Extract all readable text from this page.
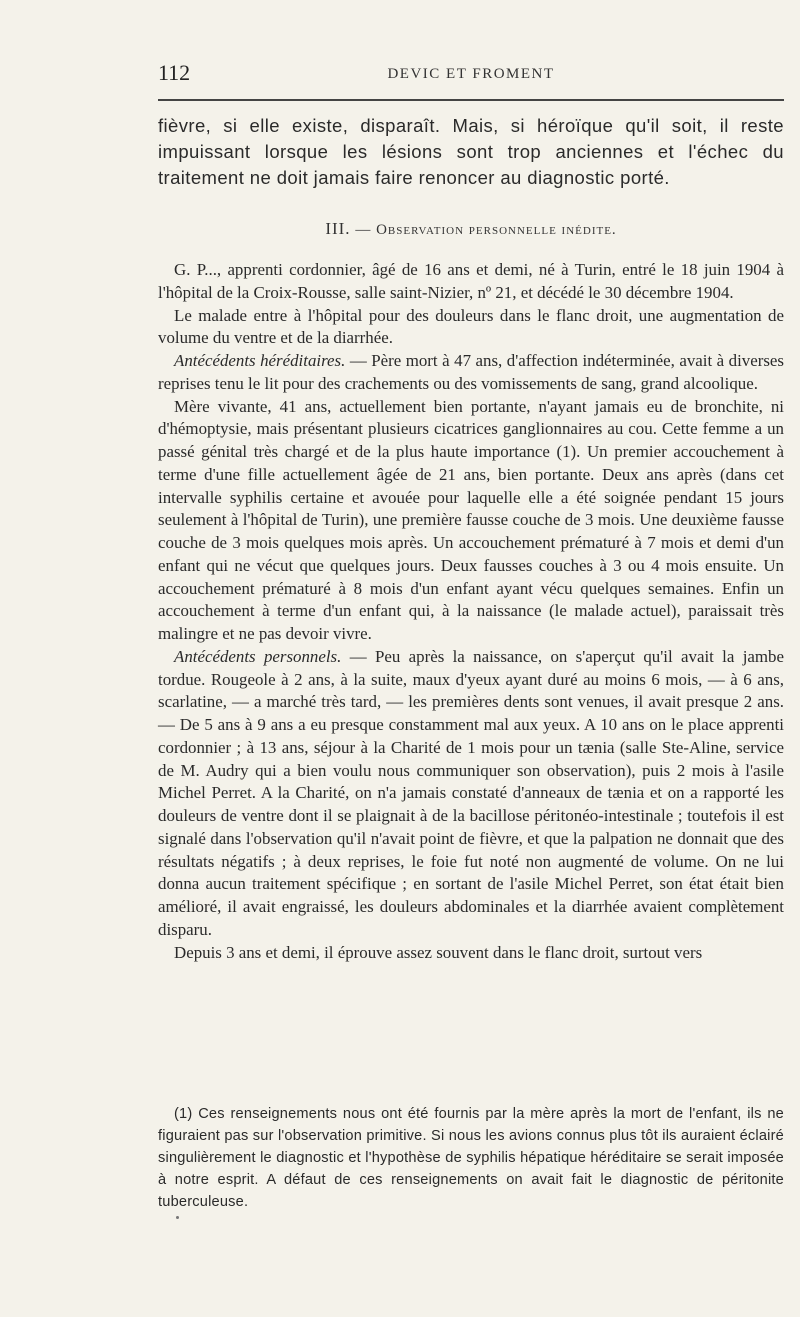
112	DEVIC ET FROMENT

fièvre, si elle existe, disparaît. Mais, si héroïque qu'il soit, il reste impuissant lorsque les lésions sont trop anciennes et l'échec du traitement ne doit jamais faire renoncer au diagnostic porté.

III. — Observation personnelle inédite.

G. P..., apprenti cordonnier, âgé de 16 ans et demi, né à Turin, entré le 18 juin 1904 à l'hôpital de la Croix-Rousse, salle saint-Nizier, nº 21, et décédé le 30 décembre 1904.

Le malade entre à l'hôpital pour des douleurs dans le flanc droit, une augmentation de volume du ventre et de la diarrhée.

Antécédents héréditaires. — Père mort à 47 ans, d'affection indéterminée, avait à diverses reprises tenu le lit pour des crachements ou des vomissements de sang, grand alcoolique.

Mère vivante, 41 ans, actuellement bien portante, n'ayant jamais eu de bronchite, ni d'hémoptysie, mais présentant plusieurs cicatrices ganglionnaires au cou. Cette femme a un passé génital très chargé et de la plus haute importance (1). Un premier accouchement à terme d'une fille actuellement âgée de 21 ans, bien portante. Deux ans après (dans cet intervalle syphilis certaine et avouée pour laquelle elle a été soignée pendant 15 jours seulement à l'hôpital de Turin), une première fausse couche de 3 mois. Une deuxième fausse couche de 3 mois quelques mois après. Un accouchement prématuré à 7 mois et demi d'un enfant qui ne vécut que quelques jours. Deux fausses couches à 3 ou 4 mois ensuite. Un accouchement prématuré à 8 mois d'un enfant ayant vécu quelques semaines. Enfin un accouchement à terme d'un enfant qui, à la naissance (le malade actuel), paraissait très malingre et ne pas devoir vivre.

Antécédents personnels. — Peu après la naissance, on s'aperçut qu'il avait la jambe tordue. Rougeole à 2 ans, à la suite, maux d'yeux ayant duré au moins 6 mois, — à 6 ans, scarlatine, — a marché très tard, — les premières dents sont venues, il avait presque 2 ans. — De 5 ans à 9 ans a eu presque constamment mal aux yeux. A 10 ans on le place apprenti cordonnier ; à 13 ans, séjour à la Charité de 1 mois pour un tænia (salle Ste-Aline, service de M. Audry qui a bien voulu nous communiquer son observation), puis 2 mois à l'asile Michel Perret. A la Charité, on n'a jamais constaté d'anneaux de tænia et on a rapporté les douleurs de ventre dont il se plaignait à de la bacillose péritonéo-intestinale ; toutefois il est signalé dans l'observation qu'il n'avait point de fièvre, et que la palpation ne donnait que des résultats négatifs ; à deux reprises, le foie fut noté non augmenté de volume. On ne lui donna aucun traitement spécifique ; en sortant de l'asile Michel Perret, son état était bien amélioré, il avait engraissé, les douleurs abdominales et la diarrhée avaient complètement disparu.

Depuis 3 ans et demi, il éprouve assez souvent dans le flanc droit, surtout vers

(1) Ces renseignements nous ont été fournis par la mère après la mort de l'enfant, ils ne figuraient pas sur l'observation primitive. Si nous les avions connus plus tôt ils auraient éclairé singulièrement le diagnostic et l'hypothèse de syphilis hépatique héréditaire se serait imposée à notre esprit. A défaut de ces renseignements on avait fait le diagnostic de péritonite tuberculeuse.
